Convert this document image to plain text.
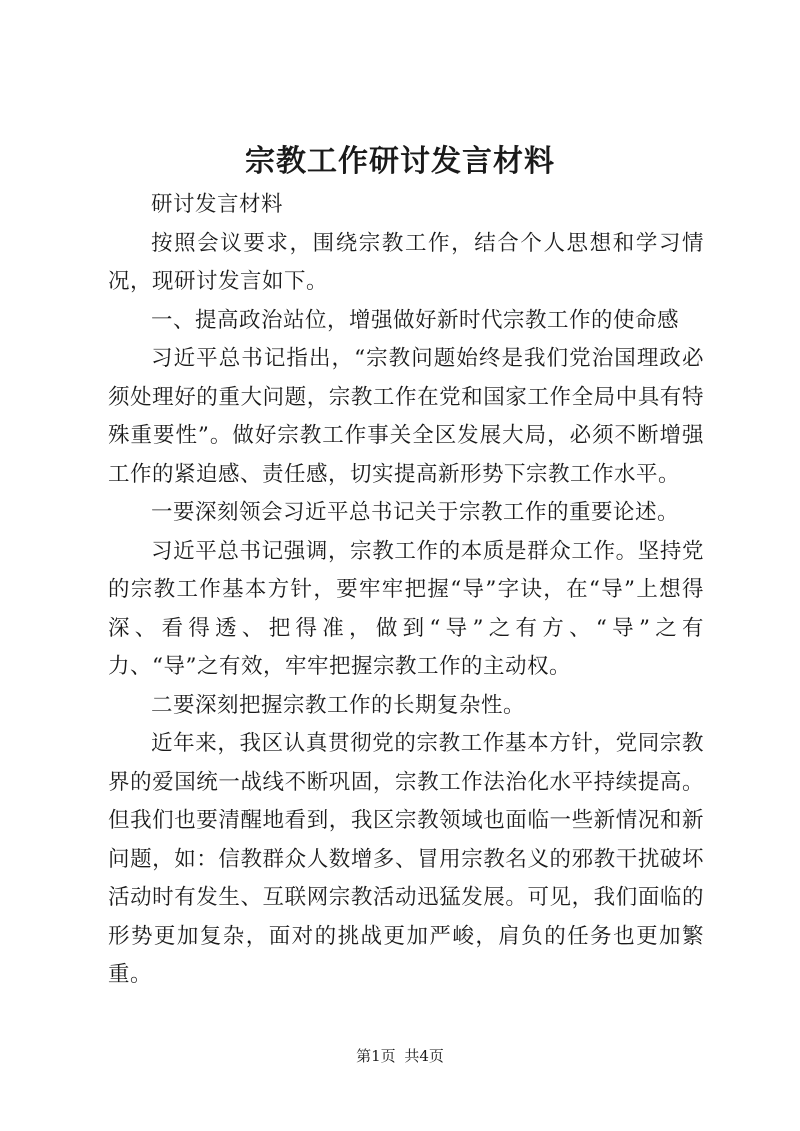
宗教工作研讨发言材料

研讨发言材料

按照会议要求，围绕宗教工作，结合个人思想和学习情况，现研讨发言如下。

一、提高政治站位，增强做好新时代宗教工作的使命感

习近平总书记指出，“宗教问题始终是我们党治国理政必须处理好的重大问题，宗教工作在党和国家工作全局中具有特殊重要性”。做好宗教工作事关全区发展大局，必须不断增强工作的紧迫感、责任感，切实提高新形势下宗教工作水平。

一要深刻领会习近平总书记关于宗教工作的重要论述。

习近平总书记强调，宗教工作的本质是群众工作。坚持党的宗教工作基本方针，要牢牢把握“导”字诀，在“导”上想得深、看得透、把得准，做到“导”之有方、“导”之有力、“导”之有效，牢牢把握宗教工作的主动权。

二要深刻把握宗教工作的长期复杂性。

近年来，我区认真贯彻党的宗教工作基本方针，党同宗教界的爱国统一战线不断巩固，宗教工作法治化水平持续提高。但我们也要清醒地看到，我区宗教领域也面临一些新情况和新问题，如：信教群众人数增多、冒用宗教名义的邪教干扰破坏活动时有发生、互联网宗教活动迅猛发展。可见，我们面临的形势更加复杂，面对的挑战更加严峻，肩负的任务也更加繁重。

第1页 共4页
